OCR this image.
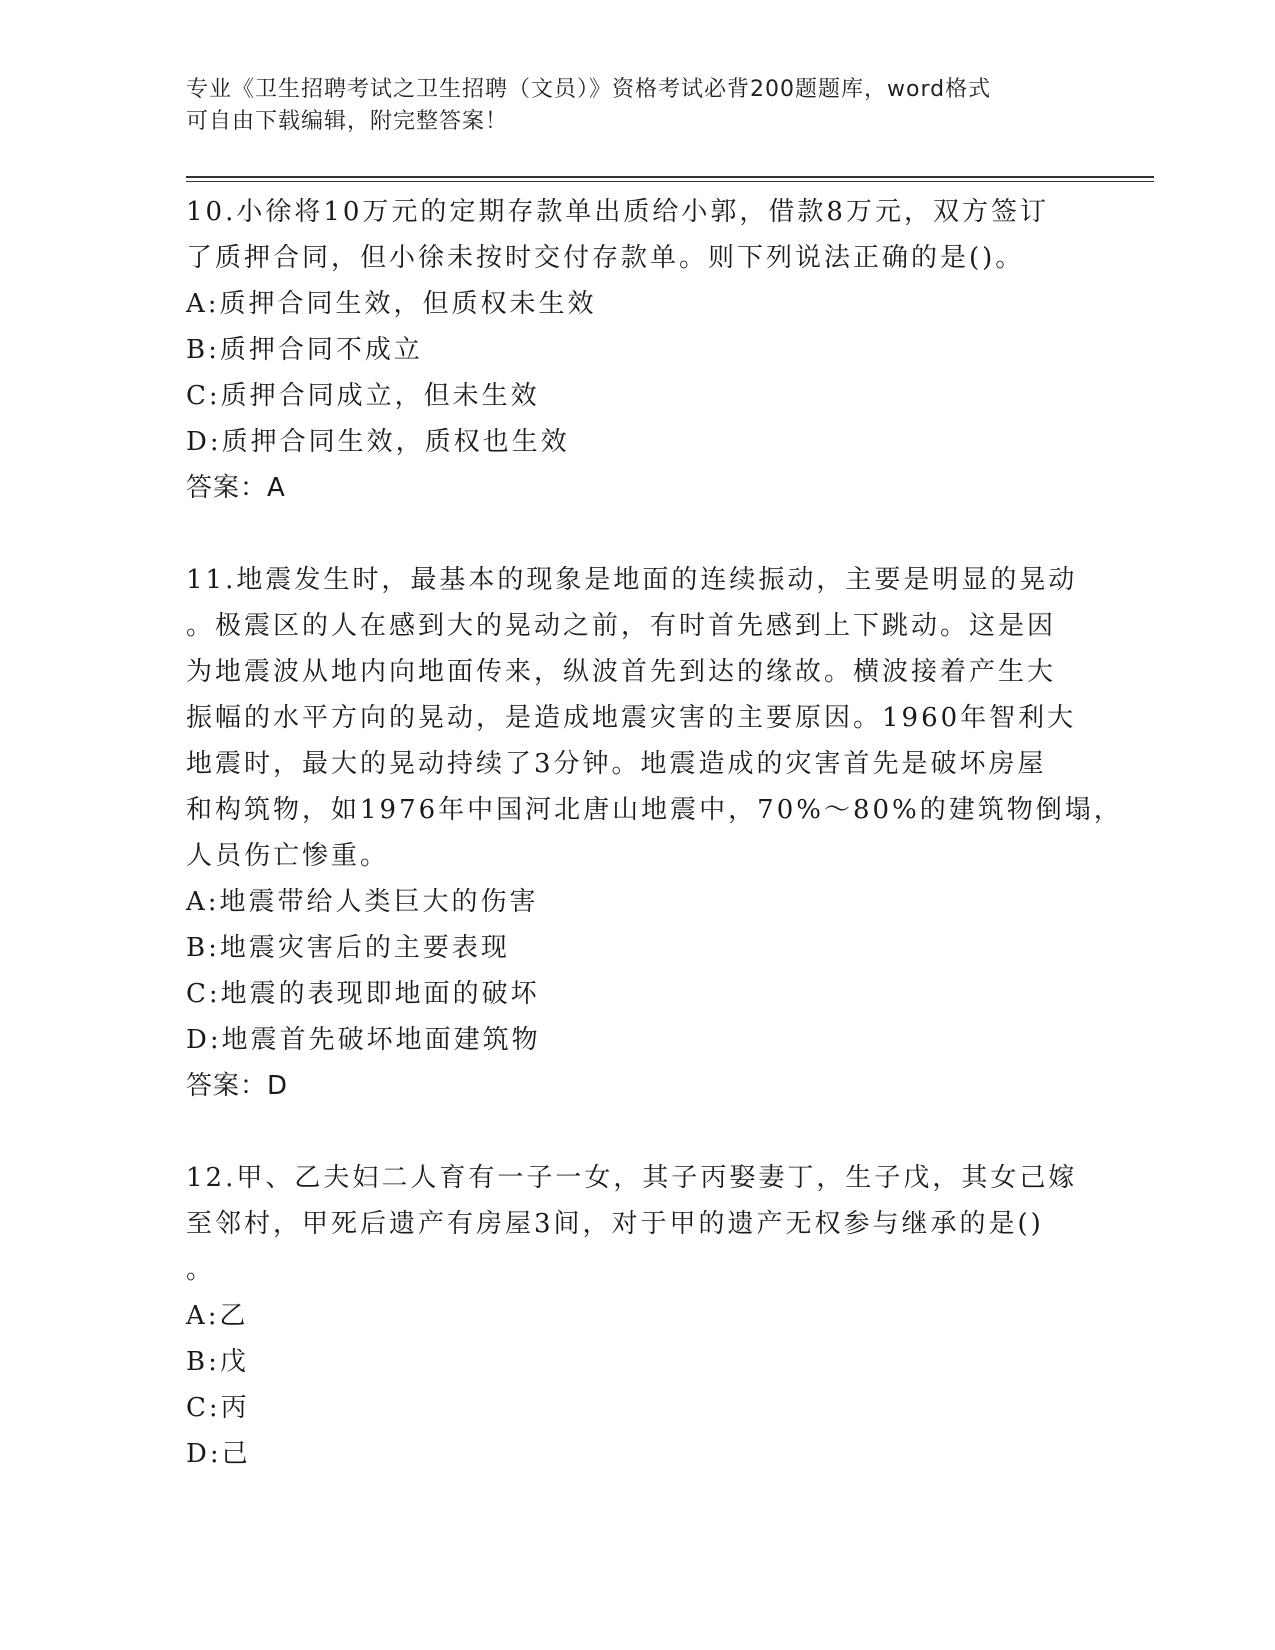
专业《卫生招聘考试之卫生招聘（文员）》资格考试必背200题题库，word格式
可自由下载编辑，附完整答案！
10.小徐将10万元的定期存款单出质给小郭，借款8万元，双方签订
了质押合同，但小徐未按时交付存款单。则下列说法正确的是()。
A:质押合同生效，但质权未生效
B:质押合同不成立
C:质押合同成立，但未生效
D:质押合同生效，质权也生效
答案：A
11.地震发生时，最基本的现象是地面的连续振动，主要是明显的晃动
。极震区的人在感到大的晃动之前，有时首先感到上下跳动。这是因
为地震波从地内向地面传来，纵波首先到达的缘故。横波接着产生大
振幅的水平方向的晃动，是造成地震灾害的主要原因。1960年智利大
地震时，最大的晃动持续了3分钟。地震造成的灾害首先是破坏房屋
和构筑物，如1976年中国河北唐山地震中，70%～80%的建筑物倒塌，
人员伤亡惨重。
A:地震带给人类巨大的伤害
B:地震灾害后的主要表现
C:地震的表现即地面的破坏
D:地震首先破坏地面建筑物
答案：D
12.甲、乙夫妇二人育有一子一女，其子丙娶妻丁，生子戊，其女己嫁
至邻村，甲死后遗产有房屋3间，对于甲的遗产无权参与继承的是()
。
A:乙
B:戊
C:丙
D:己
